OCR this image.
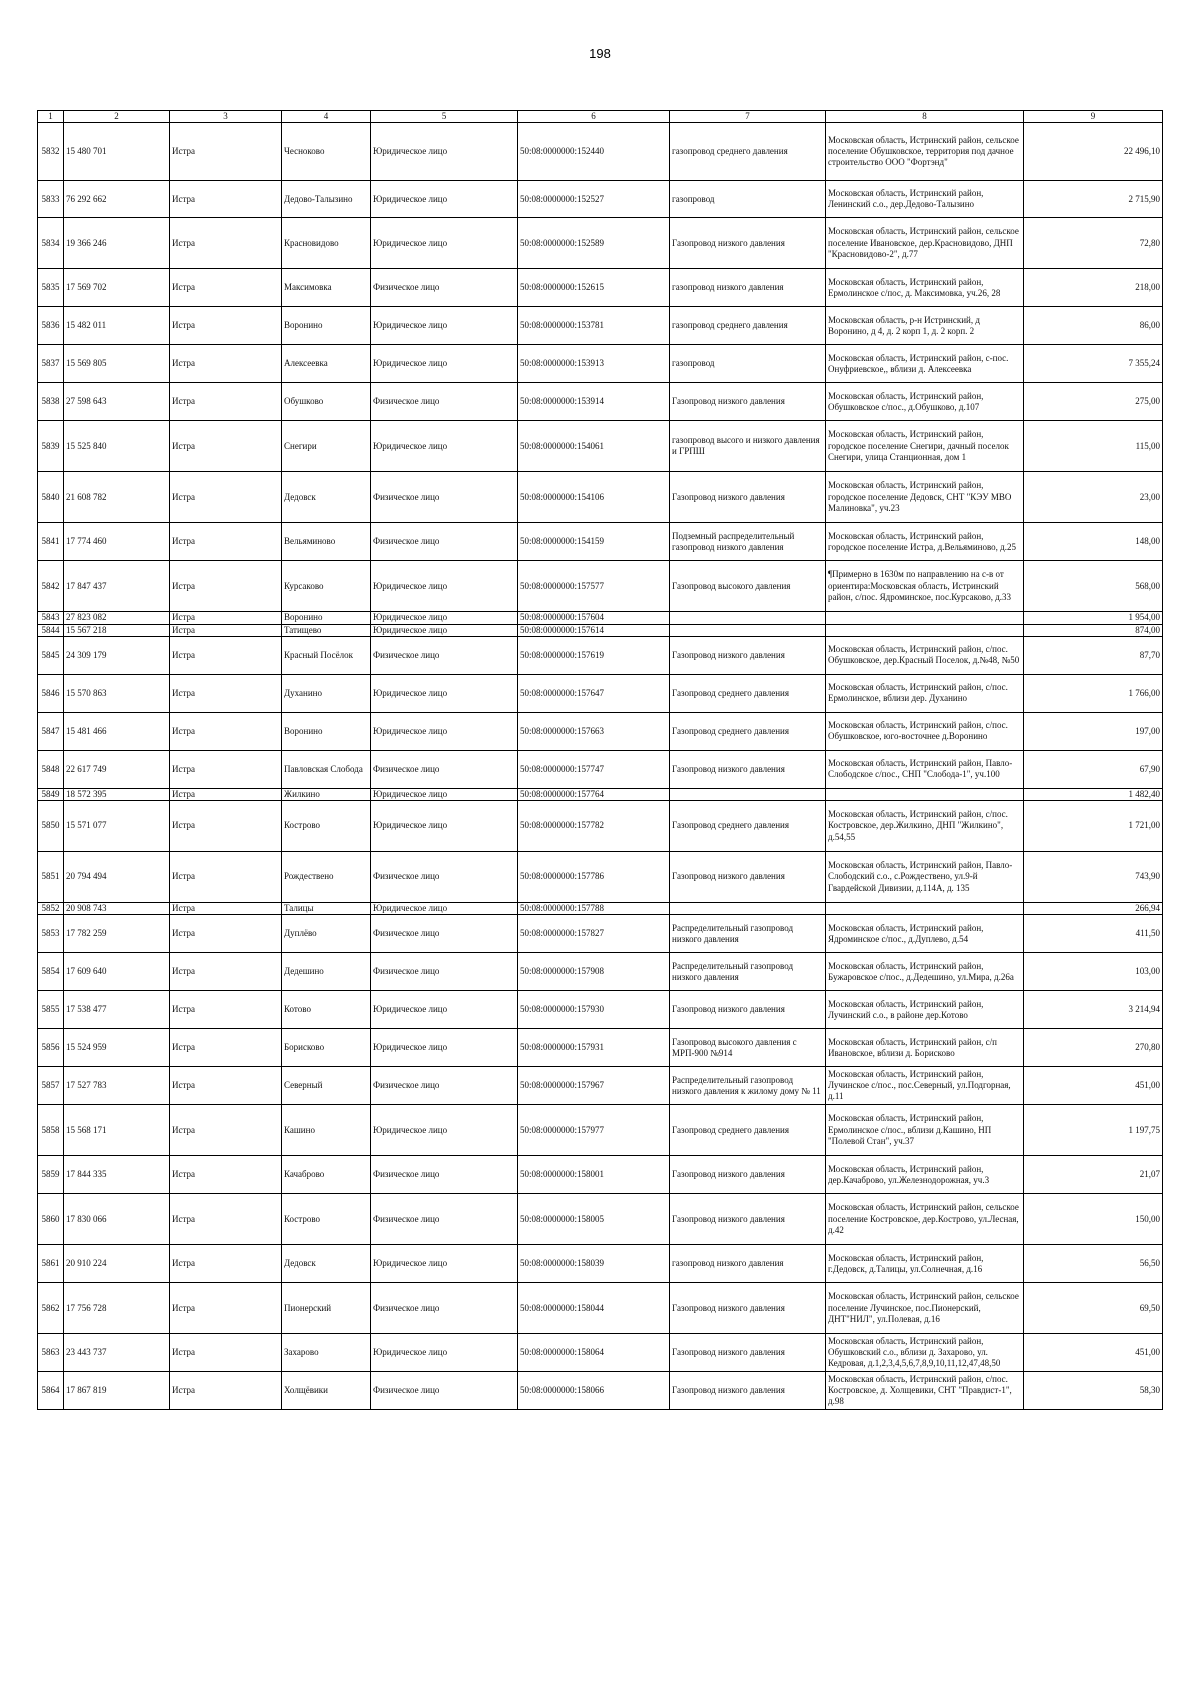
198
1	2	3	4	5	6	7	8	9
5832	15 480 701	Истра	Чесноково	Юридическое лицо	50:08:0000000:152440	газопровод среднего давления	Московская область, Истринский район, сельское поселение Обушковское, территория под дачное строительство ООО "Фортэнд"	22 496,10
5833	76 292 662	Истра	Дедово-Талызино	Юридическое лицо	50:08:0000000:152527	газопровод	Московская область, Истринский район, Ленинский с.о., дер.Дедово-Талызино	2 715,90
5834	19 366 246	Истра	Красновидово	Юридическое лицо	50:08:0000000:152589	Газопровод низкого давления	Московская область, Истринский район, сельское поселение Ивановское, дер.Красновидово, ДНП "Красновидово-2", д.77	72,80
5835	17 569 702	Истра	Максимовка	Физическое лицо	50:08:0000000:152615	газопровод низкого давления	Московская область, Истринский район, Ермолинское с/пос, д. Максимовка, уч.26, 28	218,00
5836	15 482 011	Истра	Воронино	Юридическое лицо	50:08:0000000:153781	газопровод среднего давления	Московская область, р-н Истринский, д Воронино, д 4, д. 2 корп 1, д. 2 корп. 2	86,00
5837	15 569 805	Истра	Алексеевка	Юридическое лицо	50:08:0000000:153913	газопровод	Московская область, Истринский район, с-пос. Онуфриевское,, вблизи д. Алексеевка	7 355,24
5838	27 598 643	Истра	Обушково	Физическое лицо	50:08:0000000:153914	Газопровод низкого давления	Московская область, Истринский район, Обушковское с/пос., д.Обушково, д.107	275,00
5839	15 525 840	Истра	Снегири	Юридическое лицо	50:08:0000000:154061	газопровод высого и низкого давления и ГРПШ	Московская область, Истринский район, городское поселение Снегири, дачный поселок Снегири, улица Станционная, дом 1	115,00
5840	21 608 782	Истра	Дедовск	Физическое лицо	50:08:0000000:154106	Газопровод низкого давления	Московская область, Истринский район, городское поселение Дедовск, СНТ "КЭУ МВО Малиновка", уч.23	23,00
5841	17 774 460	Истра	Вельяминово	Физическое лицо	50:08:0000000:154159	Подземный распределительный газопровод низкого давления	Московская область, Истринский район, городское поселение Истра, д.Вельяминово, д.25	148,00
5842	17 847 437	Истра	Курсаково	Юридическое лицо	50:08:0000000:157577	Газопровод высокого давления	¶Примерно в 1630м по направлению на с-в от ориентира:Московская область, Истринский район, с/пос. Ядроминское, пос.Курсаково, д.33	568,00
5843	27 823 082	Истра	Воронино	Юридическое лицо	50:08:0000000:157604			1 954,00
5844	15 567 218	Истра	Татищево	Юридическое лицо	50:08:0000000:157614			874,00
5845	24 309 179	Истра	Красный Посёлок	Физическое лицо	50:08:0000000:157619	Газопровод низкого давления	Московская область, Истринский район, с/пос. Обушковское, дер.Красный Поселок, д.№48, №50	87,70
5846	15 570 863	Истра	Духанино	Юридическое лицо	50:08:0000000:157647	Газопровод среднего давления	Московская область, Истринский район, с/пос. Ермолинское, вблизи дер. Духанино	1 766,00
5847	15 481 466	Истра	Воронино	Юридическое лицо	50:08:0000000:157663	Газопровод среднего давления	Московская область, Истринский район, с/пос. Обушковское, юго-восточнее д.Воронино	197,00
5848	22 617 749	Истра	Павловская Слобода	Физическое лицо	50:08:0000000:157747	Газопровод низкого давления	Московская область, Истринский район, Павло-Слободское с/пос., СНП "Слобода-1", уч.100	67,90
5849	18 572 395	Истра	Жилкино	Юридическое лицо	50:08:0000000:157764			1 482,40
5850	15 571 077	Истра	Кострово	Юридическое лицо	50:08:0000000:157782	Газопровод среднего давления	Московская область, Истринский район, с/пос. Костровское, дер.Жилкино, ДНП "Жилкино", д.54,55	1 721,00
5851	20 794 494	Истра	Рождествено	Физическое лицо	50:08:0000000:157786	Газопровод низкого давления	Московская область, Истринский район, Павло-Слободский с.о., с.Рождествено, ул.9-й Гвардейской Дивизии, д.114А, д. 135	743,90
5852	20 908 743	Истра	Талицы	Юридическое лицо	50:08:0000000:157788			266,94
5853	17 782 259	Истра	Дуплёво	Физическое лицо	50:08:0000000:157827	Распределительный газопровод низкого давления	Московская область, Истринский район, Ядроминское с/пос., д.Дуплево, д.54	411,50
5854	17 609 640	Истра	Дедешино	Физическое лицо	50:08:0000000:157908	Распределительный газопровод низкого давления	Московская область, Истринский район, Бужаровское с/пос., д.Дедешино, ул.Мира, д.26а	103,00
5855	17 538 477	Истра	Котово	Юридическое лицо	50:08:0000000:157930	Газопровод низкого давления	Московская область, Истринский район, Лучинский с.о., в районе дер.Котово	3 214,94
5856	15 524 959	Истра	Борисково	Юридическое лицо	50:08:0000000:157931	Газопровод высокого давления с МРП-900 №914	Московская область, Истринский район, с/п Ивановское, вблизи д. Борисково	270,80
5857	17 527 783	Истра	Северный	Физическое лицо	50:08:0000000:157967	Распределительный газопровод низкого давления к жилому дому № 11	Московская область, Истринский район, Лучинское с/пос., пос.Северный, ул.Подгорная, д.11	451,00
5858	15 568 171	Истра	Кашино	Юридическое лицо	50:08:0000000:157977	Газопровод среднего давления	Московская область, Истринский район, Ермолинское с/пос., вблизи д.Кашино, НП "Полевой Стан", уч.37	1 197,75
5859	17 844 335	Истра	Качаброво	Физическое лицо	50:08:0000000:158001	Газопровод низкого давления	Московская область, Истринский район, дер.Качаброво, ул.Железнодорожная, уч.3	21,07
5860	17 830 066	Истра	Кострово	Физическое лицо	50:08:0000000:158005	Газопровод низкого давления	Московская область, Истринский район, сельское поселение Костровское, дер.Кострово, ул.Лесная, д.42	150,00
5861	20 910 224	Истра	Дедовск	Юридическое лицо	50:08:0000000:158039	газопровод низкого давления	Московская область, Истринский район, г.Дедовск, д.Талицы, ул.Солнечная, д.16	56,50
5862	17 756 728	Истра	Пионерский	Физическое лицо	50:08:0000000:158044	Газопровод низкого давления	Московская область, Истринский район, сельское поселение Лучинское, пос.Пионерский, ДНТ"НИЛ", ул.Полевая, д.16	69,50
5863	23 443 737	Истра	Захарово	Юридическое лицо	50:08:0000000:158064	Газопровод низкого давления	Московская область, Истринский район, Обушковский с.о., вблизи д. Захарово, ул. Кедровая, д.1,2,3,4,5,6,7,8,9,10,11,12,47,48,50	451,00
5864	17 867 819	Истра	Холщёвики	Физическое лицо	50:08:0000000:158066	Газопровод низкого давления	Московская область, Истринский район, с/пос. Костровское, д. Холщевики, СНТ "Правдист-1", д.98	58,30
